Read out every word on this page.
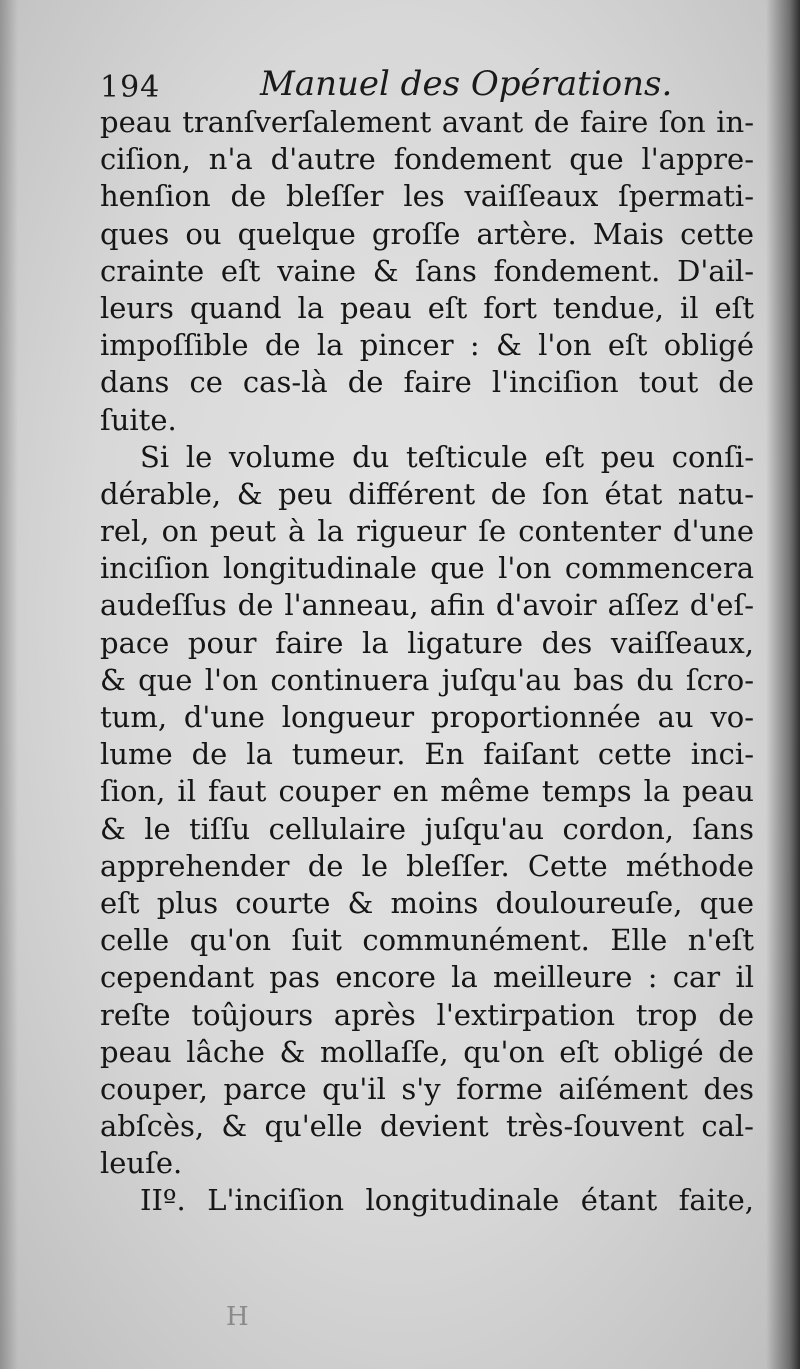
194	Manuel des Opérations.
peau tranſverſalement avant de faire ſon in-
ciſion, n'a d'autre fondement que l'appre-
henſion de bleſſer les vaiſſeaux ſpermati-
ques ou quelque groſſe artère. Mais cette
crainte eſt vaine & ſans fondement. D'ail-
leurs quand la peau eſt fort tendue, il eſt
impoſſible de la pincer : & l'on eſt obligé
dans ce cas-là de faire l'inciſion tout de
ſuite.
Si le volume du teſticule eſt peu conſi-
dérable, & peu différent de ſon état natu-
rel, on peut à la rigueur ſe contenter d'une
inciſion longitudinale que l'on commencera
audeſſus de l'anneau, afin d'avoir aſſez d'eſ-
pace pour faire la ligature des vaiſſeaux,
& que l'on continuera juſqu'au bas du ſcro-
tum, d'une longueur proportionnée au vo-
lume de la tumeur. En faiſant cette inci-
ſion, il faut couper en même temps la peau
& le tiſſu cellulaire juſqu'au cordon, ſans
apprehender de le bleſſer. Cette méthode
eſt plus courte & moins douloureuſe, que
celle qu'on ſuit communément. Elle n'eſt
cependant pas encore la meilleure : car il
reſte toûjours après l'extirpation trop de
peau lâche & mollaſſe, qu'on eſt obligé de
couper, parce qu'il s'y forme aiſément des
abſcès, & qu'elle devient très-ſouvent cal-
leuſe.
IIº. L'inciſion longitudinale étant faite,
H
